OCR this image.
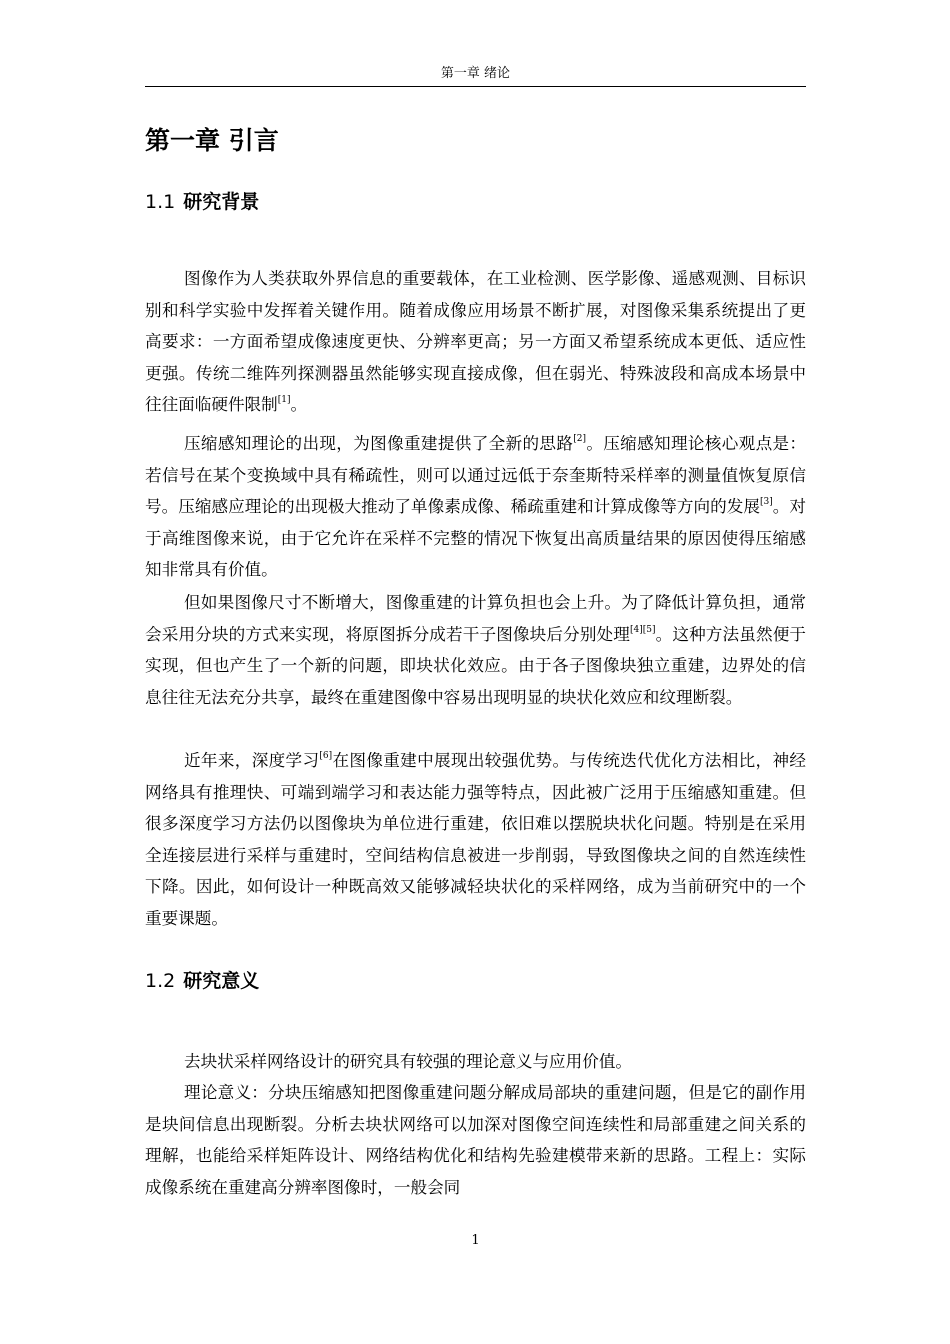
第一章 绪论
第一章 引言
1.1 研究背景

图像作为人类获取外界信息的重要载体，在工业检测、医学影像、遥感观测、目标识别和科学实验中发挥着关键作用。随着成像应用场景不断扩展，对图像采集系统提出了更高要求：一方面希望成像速度更快、分辨率更高；另一方面又希望系统成本更低、适应性更强。传统二维阵列探测器虽然能够实现直接成像，但在弱光、特殊波段和高成本场景中往往面临硬件限制[1]。

压缩感知理论的出现，为图像重建提供了全新的思路[2]。压缩感知理论核心观点是：若信号在某个变换域中具有稀疏性，则可以通过远低于奈奎斯特采样率的测量值恢复原信号。压缩感应理论的出现极大推动了单像素成像、稀疏重建和计算成像等方向的发展[3]。对于高维图像来说，由于它允许在采样不完整的情况下恢复出高质量结果的原因使得压缩感知非常具有价值。

但如果图像尺寸不断增大，图像重建的计算负担也会上升。为了降低计算负担，通常会采用分块的方式来实现，将原图拆分成若干子图像块后分别处理[4][5]。这种方法虽然便于实现，但也产生了一个新的问题，即块状化效应。由于各子图像块独立重建，边界处的信息往往无法充分共享，最终在重建图像中容易出现明显的块状化效应和纹理断裂。

近年来，深度学习[6]在图像重建中展现出较强优势。与传统迭代优化方法相比，神经网络具有推理快、可端到端学习和表达能力强等特点，因此被广泛用于压缩感知重建。但很多深度学习方法仍以图像块为单位进行重建，依旧难以摆脱块状化问题。特别是在采用全连接层进行采样与重建时，空间结构信息被进一步削弱，导致图像块之间的自然连续性下降。因此，如何设计一种既高效又能够减轻块状化的采样网络，成为当前研究中的一个重要课题。

1.2 研究意义

去块状采样网络设计的研究具有较强的理论意义与应用价值。

理论意义：分块压缩感知把图像重建问题分解成局部块的重建问题，但是它的副作用是块间信息出现断裂。分析去块状网络可以加深对图像空间连续性和局部重建之间关系的理解，也能给采样矩阵设计、网络结构优化和结构先验建模带来新的思路。工程上：实际成像系统在重建高分辨率图像时，一般会同

1
